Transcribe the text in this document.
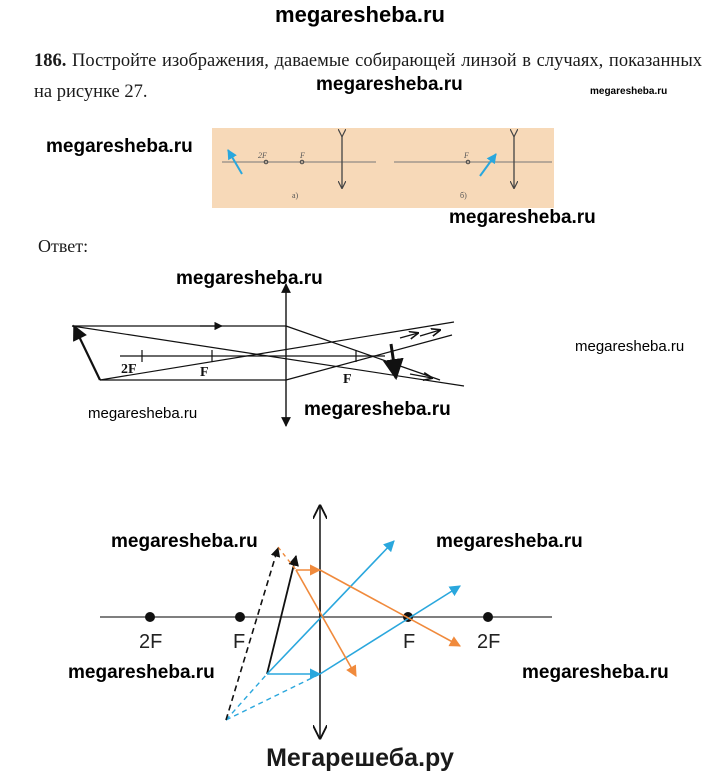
megaresheba.ru
186. Постройте изображения, даваемые собирающей линзой в случаях, показанных на рисунке 27.	megaresheba.ru	megaresheba.ru
2F	F
а)
F
б)
megaresheba.ru
megaresheba.ru
Ответ:
2F	F	F
megaresheba.ru
megaresheba.ru
megaresheba.ru	megaresheba.ru
2F	F	F	2F
megaresheba.ru	megaresheba.ru
megaresheba.ru	megaresheba.ru
Мегарешеба.ру
